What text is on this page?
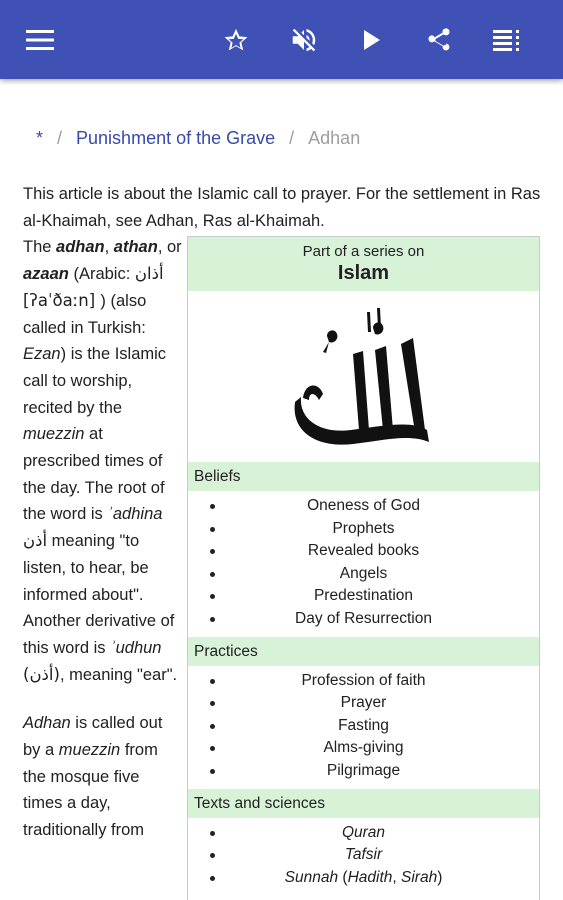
* / Punishment of the Grave / Adhan
This article is about the Islamic call to prayer. For the settlement in Ras al-Khaimah, see Adhan, Ras al-Khaimah.

The adhan, athan, or azaan (Arabic: أذان [ʔaˈðaːn] ) (also called in Turkish: Ezan) is the Islamic call to worship, recited by the muezzin at prescribed times of the day. The root of the word is ʾadhina أذن meaning "to listen, to hear, be informed about". Another derivative of this word is ʾudhun (أذن), meaning "ear".

Adhan is called out by a muezzin from the mosque five times a day, traditionally from

Part of a series on
Islam
Beliefs
Oneness of God
Prophets
Revealed books
Angels
Predestination
Day of Resurrection
Practices
Profession of faith
Prayer
Fasting
Alms-giving
Pilgrimage
Texts and sciences
Quran
Tafsir
Sunnah (Hadith, Sirah)
